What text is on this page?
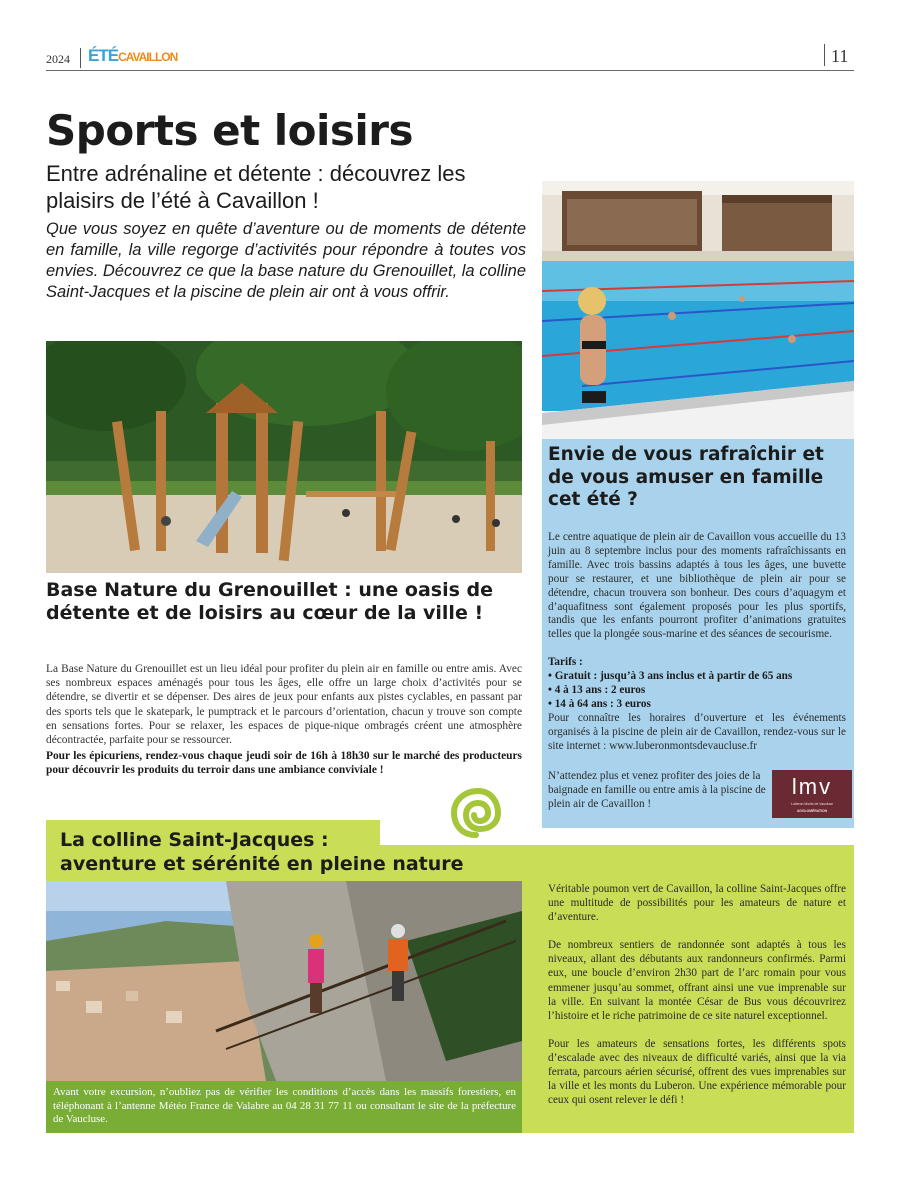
2024 ÉTÉCAVAILLON	11
Sports et loisirs
Entre adrénaline et détente : découvrez les plaisirs de l’été à Cavaillon !

Que vous soyez en quête d’aventure ou de moments de détente en famille, la ville regorge d’activités pour répondre à toutes vos envies. Découvrez ce que la base nature du Grenouillet, la colline Saint-Jacques et la piscine de plein air ont à vous offrir.

Base Nature du Grenouillet : une oasis de détente et de loisirs au cœur de la ville !

La Base Nature du Grenouillet est un lieu idéal pour profiter du plein air en famille ou entre amis. Avec ses nombreux espaces aménagés pour tous les âges, elle offre un large choix d’activités pour se détendre, se divertir et se dépenser. Des aires de jeux pour enfants aux pistes cyclables, en passant par des sports tels que le skatepark, le pumptrack et le parcours d’orientation, chacun y trouve son compte en sensations fortes. Pour se relaxer, les espaces de pique-nique ombragés créent une atmosphère décontractée, parfaite pour se ressourcer.

Pour les épicuriens, rendez-vous chaque jeudi soir de 16h à 18h30 sur le marché des producteurs pour découvrir les produits du terroir dans une ambiance conviviale !

Envie de vous rafraîchir et de vous amuser en famille cet été ?

Le centre aquatique de plein air de Cavaillon vous accueille du 13 juin au 8 septembre inclus pour des moments rafraîchissants en famille. Avec trois bassins adaptés à tous les âges, une buvette pour se restaurer, et une bibliothèque de plein air pour se détendre, chacun trouvera son bonheur. Des cours d’aquagym et d’aquafitness sont également proposés pour les plus sportifs, tandis que les enfants pourront profiter d’animations gratuites telles que la plongée sous-marine et des séances de secourisme.

Tarifs :
• Gratuit : jusqu’à 3 ans inclus et à partir de 65 ans
• 4 à 13 ans : 2 euros
• 14 à 64 ans : 3 euros

Pour connaître les horaires d’ouverture et les événements organisés à la piscine de plein air de Cavaillon, rendez-vous sur le site internet : www.luberonmontsdevaucluse.fr

N’attendez plus et venez profiter des joies de la baignade en famille ou entre amis à la piscine de plein air de Cavaillon !

lmv
Luberon Monts de Vaucluse
AGGLOMÉRATION
La colline Saint-Jacques :
aventure et sérénité en pleine nature

Avant votre excursion, n’oubliez pas de vérifier les conditions d’accès dans les massifs forestiers, en téléphonant à l’antenne Météo France de Valabre au 04 28 31 77 11 ou consultant le site de la préfecture de Vaucluse.

Véritable poumon vert de Cavaillon, la colline Saint-Jacques offre une multitude de possibilités pour les amateurs de nature et d’aventure.

De nombreux sentiers de randonnée sont adaptés à tous les niveaux, allant des débutants aux randonneurs confirmés. Parmi eux, une boucle d’environ 2h30 part de l’arc romain pour vous emmener jusqu’au sommet, offrant ainsi une vue imprenable sur la ville. En suivant la montée César de Bus vous découvrirez l’histoire et le riche patrimoine de ce site naturel exceptionnel.

Pour les amateurs de sensations fortes, les différents spots d’escalade avec des niveaux de difficulté variés, ainsi que la via ferrata, parcours aérien sécurisé, offrent des vues imprenables sur la ville et les monts du Luberon. Une expérience mémorable pour ceux qui osent relever le défi !
